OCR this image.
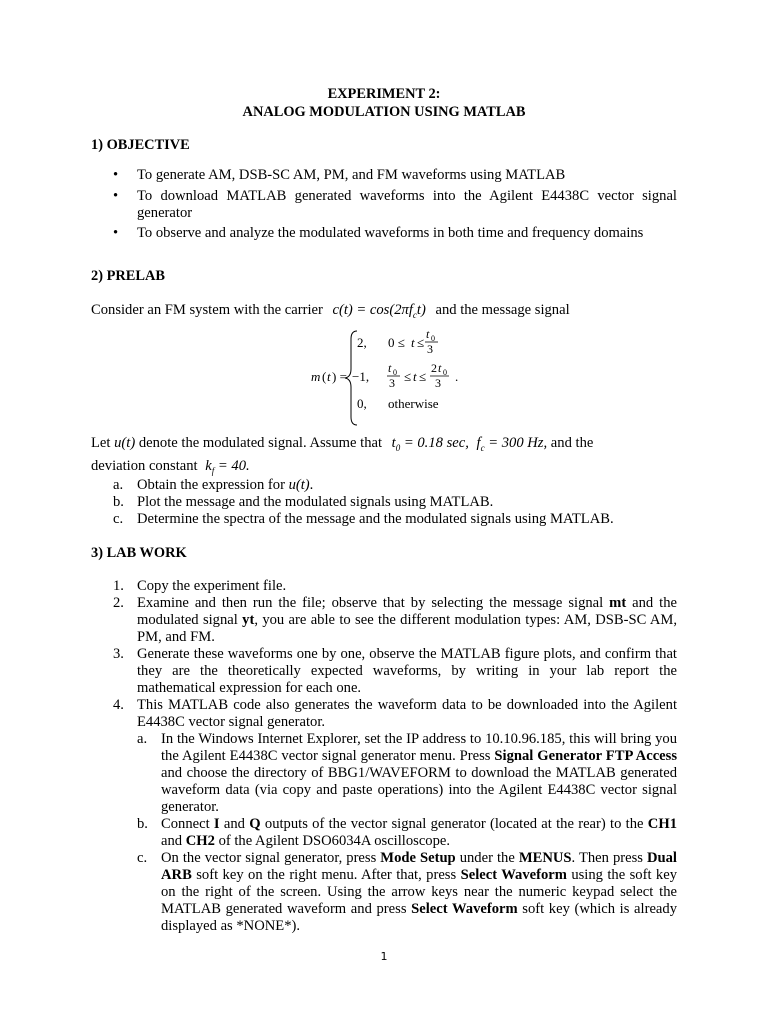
EXPERIMENT 2:
ANALOG MODULATION USING MATLAB
1) OBJECTIVE
• To generate AM, DSB-SC AM, PM, and FM waveforms using MATLAB
• To download MATLAB generated waveforms into the Agilent E4438C vector signal generator
• To observe and analyze the modulated waveforms in both time and frequency domains
2) PRELAB
Consider an FM system with the carrier $c(t) = \cos(2\pi f_ct)$ and the message signal
m ( t ) =
2, 0 ≤ t ≤
t 0
3
−1,
t 0
3 ≤ t ≤
2 t 0
3 .
0, otherwise
Let u(t) denote the modulated signal. Assume that $t_0 = 0.18$ sec, $f_c = 300$ Hz, and the
deviation constant $k_f = 40$.
a. Obtain the expression for u(t).
b. Plot the message and the modulated signals using MATLAB.
c. Determine the spectra of the message and the modulated signals using MATLAB.
3) LAB WORK
1. Copy the experiment file.
2. Examine and then run the file; observe that by selecting the message signal mt and the modulated signal yt, you are able to see the different modulation types: AM, DSB-SC AM, PM, and FM.
3. Generate these waveforms one by one, observe the MATLAB figure plots, and confirm that they are the theoretically expected waveforms, by writing in your lab report the mathematical expression for each one.
4. This MATLAB code also generates the waveform data to be downloaded into the Agilent E4438C vector signal generator.
a. In the Windows Internet Explorer, set the IP address to 10.10.96.185, this will bring you the Agilent E4438C vector signal generator menu. Press Signal Generator FTP Access and choose the directory of BBG1/WAVEFORM to download the MATLAB generated waveform data (via copy and paste operations) into the Agilent E4438C vector signal generator.
b. Connect I and Q outputs of the vector signal generator (located at the rear) to the CH1 and CH2 of the Agilent DSO6034A oscilloscope.
c. On the vector signal generator, press Mode Setup under the MENUS. Then press Dual ARB soft key on the right menu. After that, press Select Waveform using the soft key on the right of the screen. Using the arrow keys near the numeric keypad select the MATLAB generated waveform and press Select Waveform soft key (which is already displayed as *NONE*).
1
